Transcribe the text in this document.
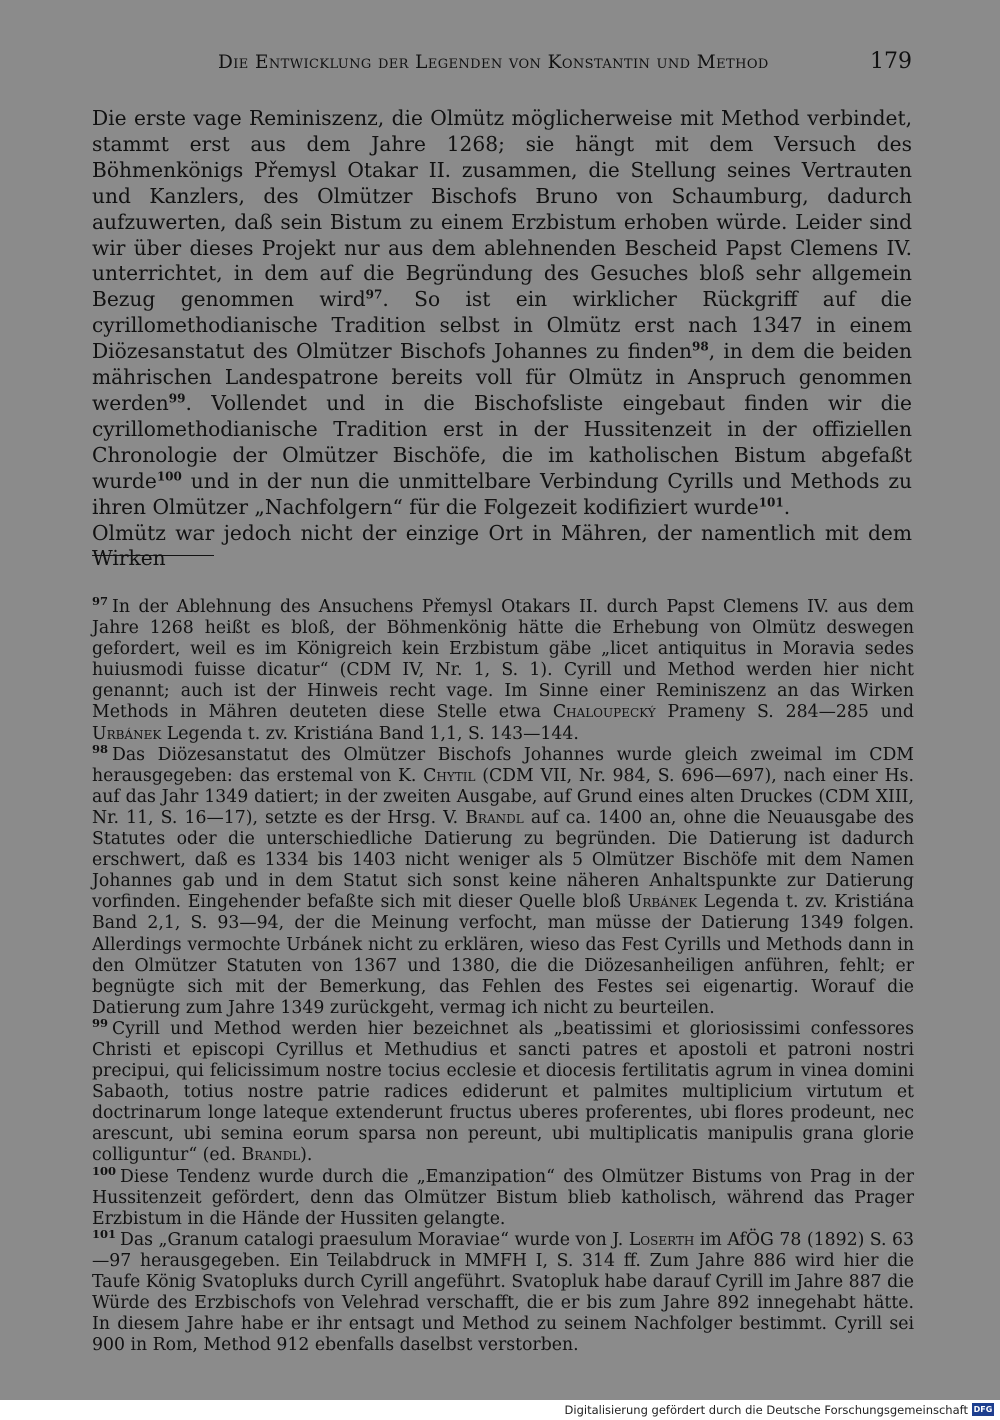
Die Entwicklung der Legenden von Konstantin und Method	179

Die erste vage Reminiszenz, die Olmütz möglicherweise mit Method verbindet, stammt erst aus dem Jahre 1268; sie hängt mit dem Versuch des Böhmenkönigs Přemysl Otakar II. zusammen, die Stellung seines Vertrauten und Kanzlers, des Olmützer Bischofs Bruno von Schaumburg, dadurch aufzuwerten, daß sein Bistum zu einem Erzbistum erhoben würde. Leider sind wir über dieses Projekt nur aus dem ablehnenden Bescheid Papst Clemens IV. unterrichtet, in dem auf die Begründung des Gesuches bloß sehr allgemein Bezug genommen wird$^{97}$. So ist ein wirklicher Rückgriff auf die cyrillomethodianische Tradition selbst in Olmütz erst nach 1347 in einem Diözesanstatut des Olmützer Bischofs Johannes zu finden$^{98}$, in dem die beiden mährischen Landespatrone bereits voll für Olmütz in Anspruch genommen werden$^{99}$. Vollendet und in die Bischofsliste eingebaut finden wir die cyrillomethodianische Tradition erst in der Hussitenzeit in der offiziellen Chronologie der Olmützer Bischöfe, die im katholischen Bistum abgefaßt wurde$^{100}$ und in der nun die unmittelbare Verbindung Cyrills und Methods zu ihren Olmützer „Nachfolgern“ für die Folgezeit kodifiziert wurde$^{101}$.

Olmütz war jedoch nicht der einzige Ort in Mähren, der namentlich mit dem Wirken

$^{97}$ In der Ablehnung des Ansuchens Přemysl Otakars II. durch Papst Clemens IV. aus dem Jahre 1268 heißt es bloß, der Böhmenkönig hätte die Erhebung von Olmütz deswegen gefordert, weil es im Königreich kein Erzbistum gäbe „licet antiquitus in Moravia sedes huiusmodi fuisse dicatur“ (CDM IV, Nr. 1, S. 1). Cyrill und Method werden hier nicht genannt; auch ist der Hinweis recht vage. Im Sinne einer Reminiszenz an das Wirken Methods in Mähren deuteten diese Stelle etwa Chaloupecký Prameny S. 284—285 und Urbánek Legenda t. zv. Kristiána Band 1,1, S. 143—144.

$^{98}$ Das Diözesanstatut des Olmützer Bischofs Johannes wurde gleich zweimal im CDM herausgegeben: das erstemal von K. Chytil (CDM VII, Nr. 984, S. 696—697), nach einer Hs. auf das Jahr 1349 datiert; in der zweiten Ausgabe, auf Grund eines alten Druckes (CDM XIII, Nr. 11, S. 16—17), setzte es der Hrsg. V. Brandl auf ca. 1400 an, ohne die Neuausgabe des Statutes oder die unterschiedliche Datierung zu begründen. Die Datierung ist dadurch erschwert, daß es 1334 bis 1403 nicht weniger als 5 Olmützer Bischöfe mit dem Namen Johannes gab und in dem Statut sich sonst keine näheren Anhaltspunkte zur Datierung vorfinden. Eingehender befaßte sich mit dieser Quelle bloß Urbánek Legenda t. zv. Kristiána Band 2,1, S. 93—94, der die Meinung verfocht, man müsse der Datierung 1349 folgen. Allerdings vermochte Urbánek nicht zu erklären, wieso das Fest Cyrills und Methods dann in den Olmützer Statuten von 1367 und 1380, die die Diözesanheiligen anführen, fehlt; er begnügte sich mit der Bemerkung, das Fehlen des Festes sei eigenartig. Worauf die Datierung zum Jahre 1349 zurückgeht, vermag ich nicht zu beurteilen.

$^{99}$ Cyrill und Method werden hier bezeichnet als „beatissimi et gloriosissimi confessores Christi et episcopi Cyrillus et Methudius et sancti patres et apostoli et patroni nostri precipui, qui felicissimum nostre tocius ecclesie et diocesis fertilitatis agrum in vinea domini Sabaoth, totius nostre patrie radices ediderunt et palmites multiplicium virtutum et doctrinarum longe lateque extenderunt fructus uberes proferentes, ubi flores prodeunt, nec arescunt, ubi semina eorum sparsa non pereunt, ubi multiplicatis manipulis grana glorie colliguntur“ (ed. Brandl).

$^{100}$ Diese Tendenz wurde durch die „Emanzipation“ des Olmützer Bistums von Prag in der Hussitenzeit gefördert, denn das Olmützer Bistum blieb katholisch, während das Prager Erzbistum in die Hände der Hussiten gelangte.

$^{101}$ Das „Granum catalogi praesulum Moraviae“ wurde von J. Loserth im AfÖG 78 (1892) S. 63—97 herausgegeben. Ein Teilabdruck in MMFH I, S. 314 ff. Zum Jahre 886 wird hier die Taufe König Svatopluks durch Cyrill angeführt. Svatopluk habe darauf Cyrill im Jahre 887 die Würde des Erzbischofs von Velehrad verschafft, die er bis zum Jahre 892 innegehabt hätte. In diesem Jahre habe er ihr entsagt und Method zu seinem Nachfolger bestimmt. Cyrill sei 900 in Rom, Method 912 ebenfalls daselbst verstorben.

Digitalisierung gefördert durch die Deutsche Forschungsgemeinschaft DFG
